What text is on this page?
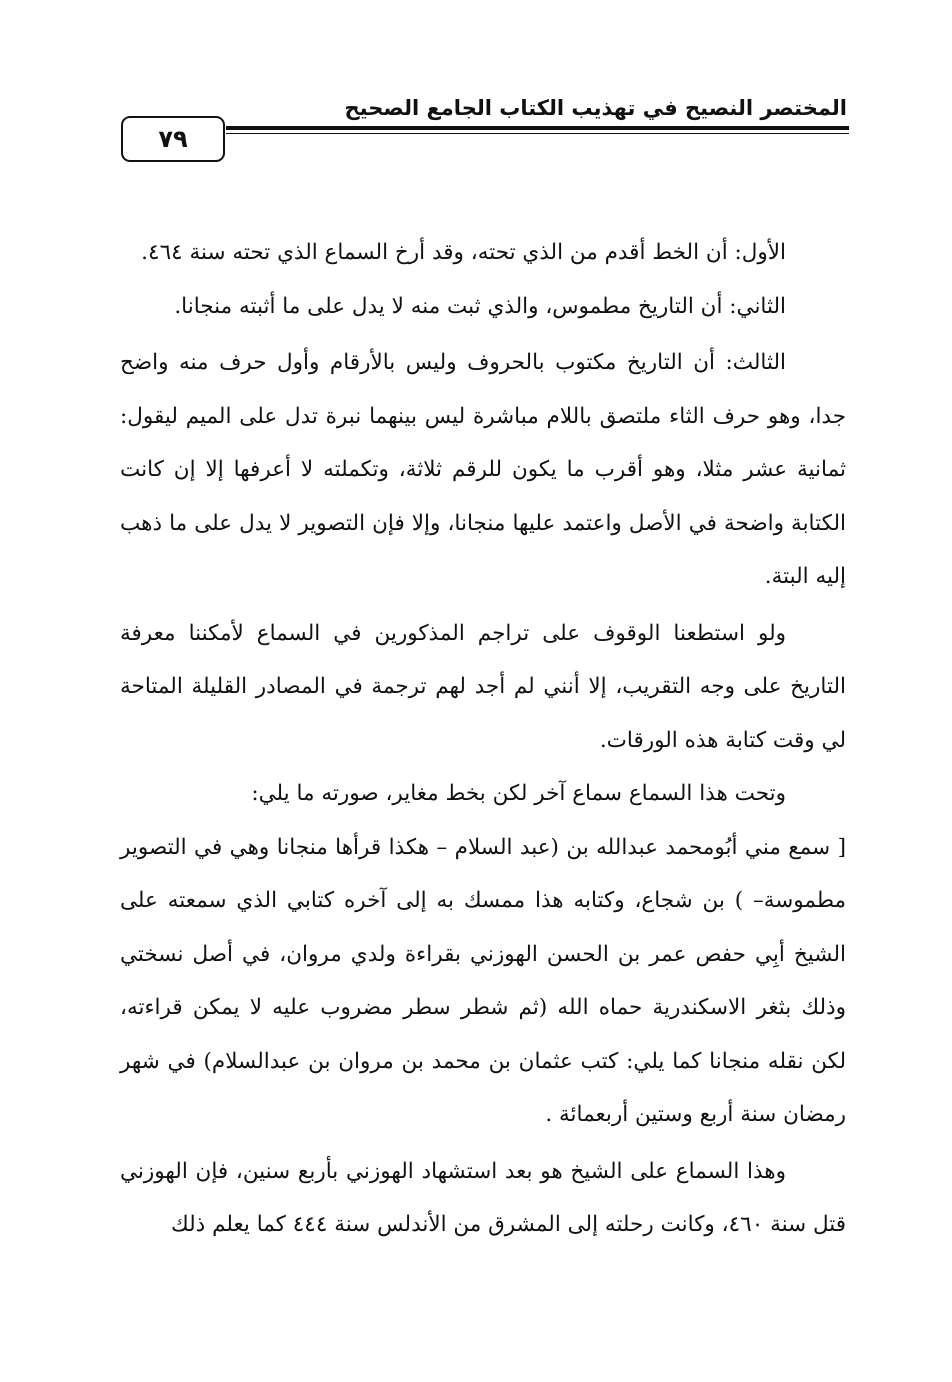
المختصر النصيح في تهذيب الكتاب الجامع الصحيح
٧٩

الأول: أن الخط أقدم من الذي تحته، وقد أرخ السماع الذي تحته سنة ٤٦٤.

الثاني: أن التاريخ مطموس، والذي ثبت منه لا يدل على ما أثبته منجانا.

الثالث: أن التاريخ مكتوب بالحروف وليس بالأرقام وأول حرف منه واضح جدا، وهو حرف الثاء ملتصق باللام مباشرة ليس بينهما نبرة تدل على الميم ليقول: ثمانية عشر مثلا، وهو أقرب ما يكون للرقم ثلاثة، وتكملته لا أعرفها إلا إن كانت الكتابة واضحة في الأصل واعتمد عليها منجانا، وإلا فإن التصوير لا يدل على ما ذهب إليه البتة.

ولو استطعنا الوقوف على تراجم المذكورين في السماع لأمكننا معرفة التاريخ على وجه التقريب، إلا أنني لم أجد لهم ترجمة في المصادر القليلة المتاحة لي وقت كتابة هذه الورقات.

وتحت هذا السماع سماع آخر لكن بخط مغاير، صورته ما يلي:

[ سمع مني أبُومحمد عبدالله بن (عبد السلام – هكذا قرأها منجانا وهي في التصوير مطموسة– ) بن شجاع، وكتابه هذا ممسك به إلى آخره كتابي الذي سمعته على الشيخ أبِي حفص عمر بن الحسن الهوزني بقراءة ولدي مروان، في أصل نسختي وذلك بثغر الاسكندرية حماه الله (ثم شطر سطر مضروب عليه لا يمكن قراءته، لكن نقله منجانا كما يلي: كتب عثمان بن محمد بن مروان بن عبدالسلام) في شهر رمضان سنة أربع وستين أربعمائة .

وهذا السماع على الشيخ هو بعد استشهاد الهوزني بأربع سنين، فإن الهوزني قتل سنة ٤٦٠، وكانت رحلته إلى المشرق من الأندلس سنة ٤٤٤ كما يعلم ذلك
